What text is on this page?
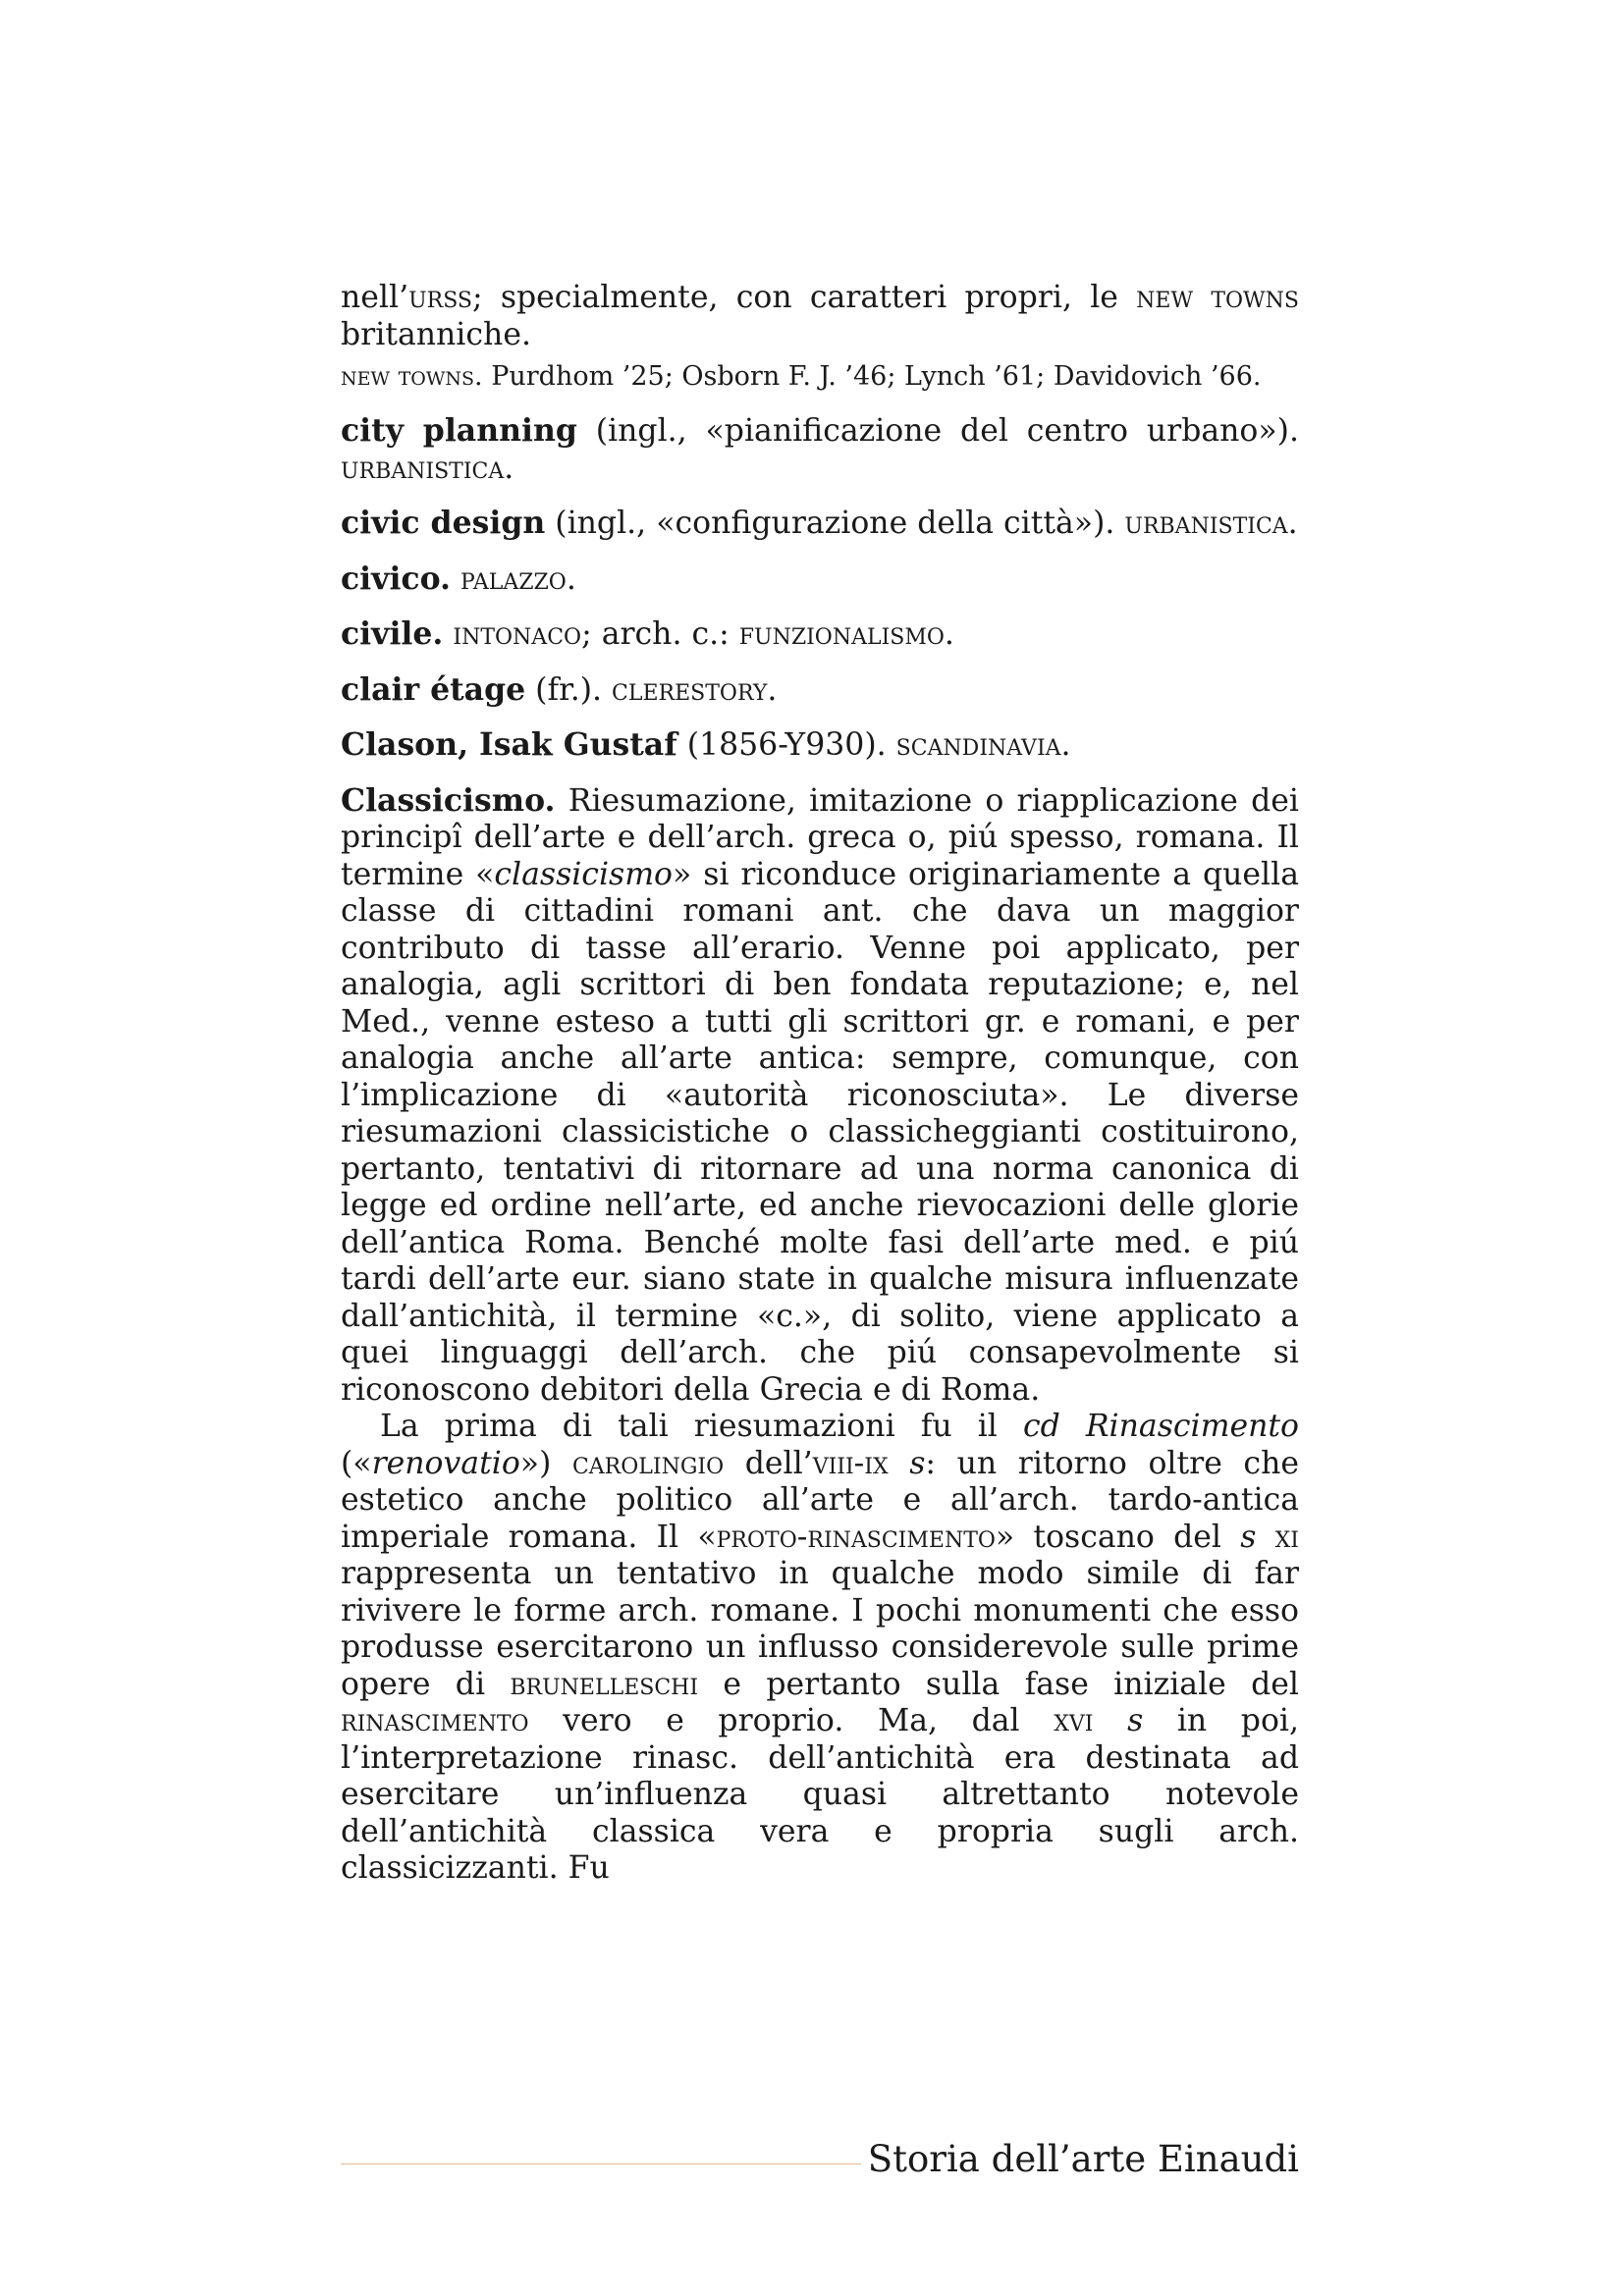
nell’urss; specialmente, con caratteri propri, le new towns britanniche.

new towns. Purdhom ’25; Osborn F. J. ’46; Lynch ’61; Davidovich ’66.

city planning (ingl., «pianificazione del centro urbano»). urbanistica.

civic design (ingl., «configurazione della città»). urbanistica.

civico. palazzo.

civile. intonaco; arch. c.: funzionalismo.

clair étage (fr.). clerestory.

Clason, Isak Gustaf (1856-Y930). scandinavia.

Classicismo. Riesumazione, imitazione o riapplicazione dei principî dell’arte e dell’arch. greca o, piú spesso, romana. Il termine «classicismo» si riconduce originariamente a quella classe di cittadini romani ant. che dava un maggior contributo di tasse all’erario. Venne poi applicato, per analogia, agli scrittori di ben fondata reputazione; e, nel Med., venne esteso a tutti gli scrittori gr. e romani, e per analogia anche all’arte antica: sempre, comunque, con l’implicazione di «autorità riconosciuta». Le diverse riesumazioni classicistiche o classicheggianti costituirono, pertanto, tentativi di ritornare ad una norma canonica di legge ed ordine nell’arte, ed anche rievocazioni delle glorie dell’antica Roma. Benché molte fasi dell’arte med. e piú tardi dell’arte eur. siano state in qualche misura influenzate dall’antichità, il termine «c.», di solito, viene applicato a quei linguaggi dell’arch. che piú consapevolmente si riconoscono debitori della Grecia e di Roma.

La prima di tali riesumazioni fu il cd Rinascimento («renovatio») carolingio dell’viii-ix s: un ritorno oltre che estetico anche politico all’arte e all’arch. tardo-antica imperiale romana. Il «proto-rinascimento» toscano del s xi rappresenta un tentativo in qualche modo simile di far rivivere le forme arch. romane. I pochi monumenti che esso produsse esercitarono un influsso considerevole sulle prime opere di brunelleschi e pertanto sulla fase iniziale del rinascimento vero e proprio. Ma, dal xvi s in poi, l’interpretazione rinasc. dell’antichità era destinata ad esercitare un’influenza quasi altrettanto notevole dell’antichità classica vera e propria sugli arch. classicizzanti. Fu

Storia dell’arte Einaudi
